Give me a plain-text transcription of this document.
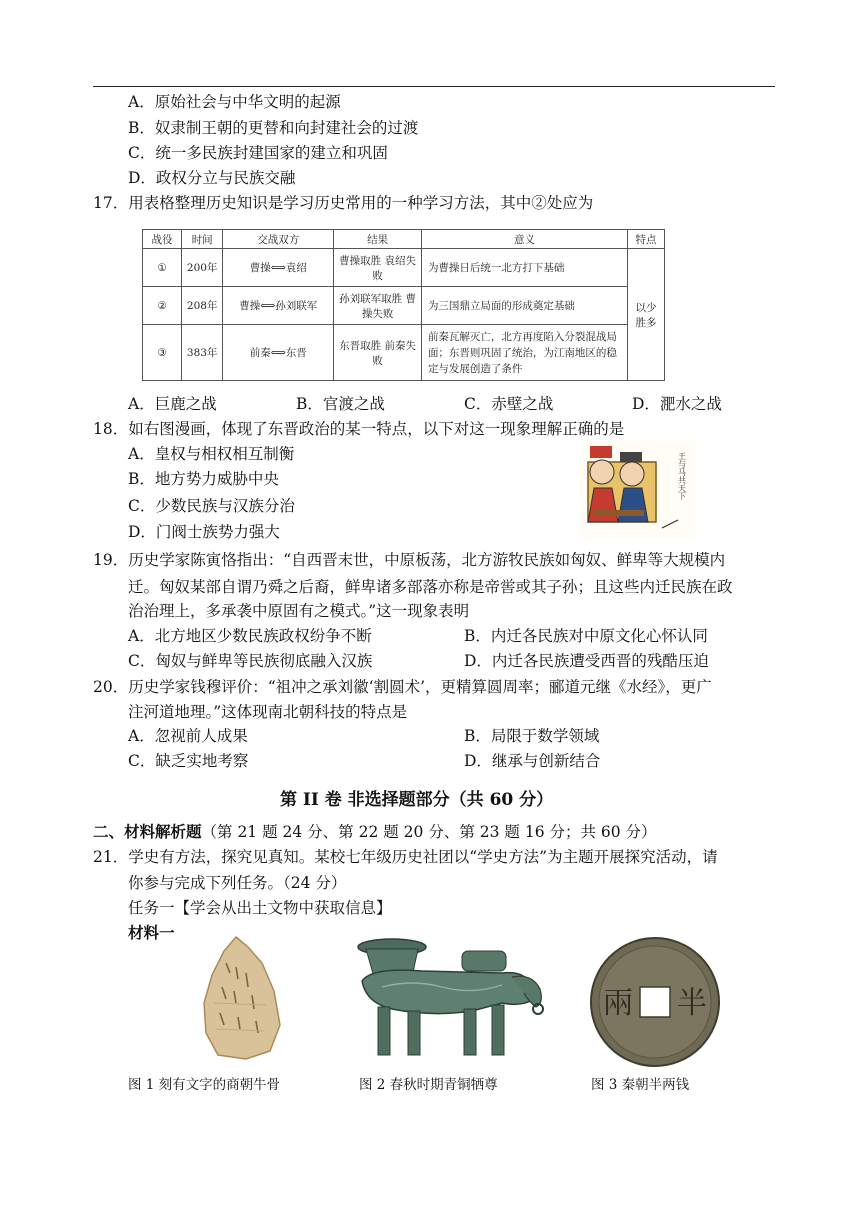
A．原始社会与中华文明的起源
B．奴隶制王朝的更替和向封建社会的过渡
C．统一多民族封建国家的建立和巩固
D．政权分立与民族交融
17．用表格整理历史知识是学习历史常用的一种学习方法，其中②处应为
战役	时间	交战双方	结果	意义	特点
①	200年	曹操⟺袁绍	曹操取胜 袁绍失败	为曹操日后统一北方打下基础	以少胜多
②	208年	曹操⟺孙刘联军	孙刘联军取胜 曹操失败	为三国鼎立局面的形成奠定基础	
③	383年	前秦⟺东晋	东晋取胜 前秦失败	前秦瓦解灭亡，北方再度陷入分裂混战局面；东晋则巩固了统治，为江南地区的稳定与发展创造了条件	
A．巨鹿之战	B．官渡之战	C．赤壁之战	D．淝水之战
18．如右图漫画，体现了东晋政治的某一特点，以下对这一现象理解正确的是
A．皇权与相权相互制衡
B．地方势力威胁中央
C．少数民族与汉族分治
D．门阀士族势力强大
王与马共天下
19．历史学家陈寅恪指出：“自西晋末世，中原板荡，北方游牧民族如匈奴、鲜卑等大规模内
迁。匈奴某部自谓乃舜之后裔，鲜卑诸多部落亦称是帝喾或其子孙；且这些内迁民族在政
治治理上，多承袭中原固有之模式。”这一现象表明
A．北方地区少数民族政权纷争不断	B．内迁各民族对中原文化心怀认同
C．匈奴与鲜卑等民族彻底融入汉族	D．内迁各民族遭受西晋的残酷压迫
20．历史学家钱穆评价：“祖冲之承刘徽‘割圆术’，更精算圆周率；郦道元继《水经》，更广
注河道地理。”这体现南北朝科技的特点是
A．忽视前人成果	B．局限于数学领域
C．缺乏实地考察	D．继承与创新结合
第 II 卷 非选择题部分（共 60 分）
二、材料解析题（第 21 题 24 分、第 22 题 20 分、第 23 题 16 分；共 60 分）
21．学史有方法，探究见真知。某校七年级历史社团以“学史方法”为主题开展探究活动，请
你参与完成下列任务。（24 分）
任务一【学会从出土文物中获取信息】
材料一
兩 半
图 1 刻有文字的商朝牛骨	图 2 春秋时期青铜牺尊	图 3 秦朝半两钱
